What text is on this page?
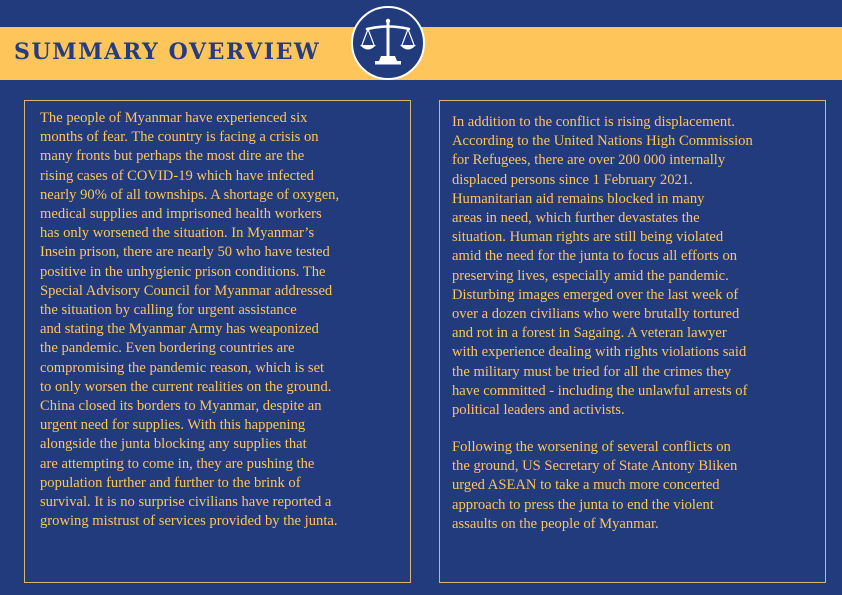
SUMMARY OVERVIEW

The people of Myanmar have experienced six
months of fear. The country is facing a crisis on
many fronts but perhaps the most dire are the
rising cases of COVID-19 which have infected
nearly 90% of all townships. A shortage of oxygen,
medical supplies and imprisoned health workers
has only worsened the situation. In Myanmar’s
Insein prison, there are nearly 50 who have tested
positive in the unhygienic prison conditions. The
Special Advisory Council for Myanmar addressed
the situation by calling for urgent assistance
and stating the Myanmar Army has weaponized
the pandemic. Even bordering countries are
compromising the pandemic reason, which is set
to only worsen the current realities on the ground.
China closed its borders to Myanmar, despite an
urgent need for supplies. With this happening
alongside the junta blocking any supplies that
are attempting to come in, they are pushing the
population further and further to the brink of
survival. It is no surprise civilians have reported a
growing mistrust of services provided by the junta.

In addition to the conflict is rising displacement.
According to the United Nations High Commission
for Refugees, there are over 200 000 internally
displaced persons since 1 February 2021.
Humanitarian aid remains blocked in many
areas in need, which further devastates the
situation. Human rights are still being violated
amid the need for the junta to focus all efforts on
preserving lives, especially amid the pandemic.
Disturbing images emerged over the last week of
over a dozen civilians who were brutally tortured
and rot in a forest in Sagaing. A veteran lawyer
with experience dealing with rights violations said
the military must be tried for all the crimes they
have committed - including the unlawful arrests of
political leaders and activists.

Following the worsening of several conflicts on
the ground, US Secretary of State Antony Bliken
urged ASEAN to take a much more concerted
approach to press the junta to end the violent
assaults on the people of Myanmar.
